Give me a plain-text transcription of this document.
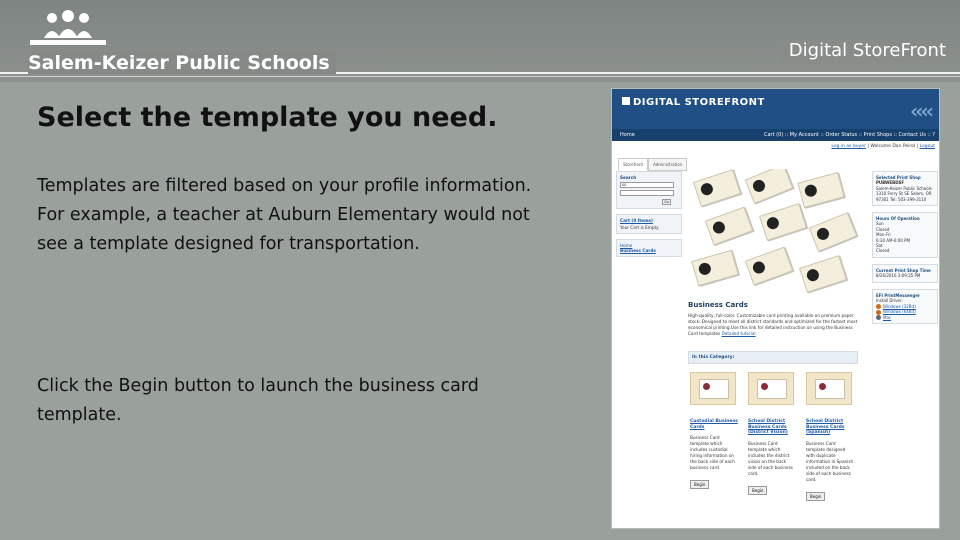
Salem-Keizer Public Schools
Digital StoreFront
Select the template you need.
Templates are filtered based on your profile information. For example, a teacher at Auburn Elementary would not see a template designed for transportation.
Click the Begin button to launch the business card template.
DIGITAL STOREFRONT	‹‹‹‹
Home	Cart (0) :: My Account :: Order Status :: Print Shops :: Contact Us :: ?
Log in as buyer | Welcome Dan Peirol | Logout
Storefront	Administration
Search
All
Go
Cart (0 Items)
Your Cart is Empty.
Home
Business Cards
Business Cards
High-quality, full-color. Customizable card printing available on premium paper stock. Designed to meet all district standards and optimized for the fastest most economical printing.Use this link for detailed instruction on using the Business Card templates Detailed tutorial
In this Category:
Custodial Business Cards
Business Card template which includes custodial hiring information on the back side of each business card.
Begin
School District Business Cards (District Vision)
Business Card template which includes the district vision on the back side of each business card.
Begin
School District Business Cards (Spanish)
Business Card template designed with duplicate information in Spanish included on the back side of each business card.
Begin
Selected Print Shop
PUBWEBDSF
Salem-Keizer Public Schools 1310 Ferry St SE Salem, OR 97301 Tel: 503-399-3110
Hours Of Operation
Sun
Closed
Mon-Fri
6:30 AM-6:00 PM
Sat
Closed
Current Print Shop Time
8/26/2016 3:09:35 PM
EFI PrintMessenger
Install Driver:
Windows (32Bit)
Windows (64Bit)
Mac
